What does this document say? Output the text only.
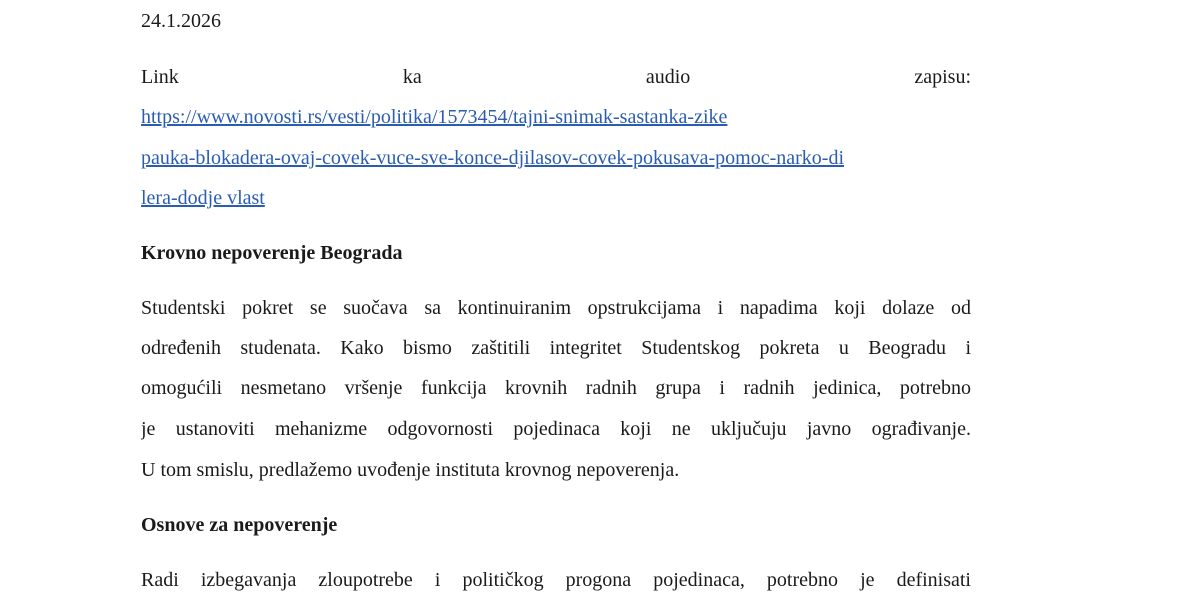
24.1.2026
Link ka audio zapisu:
https://www.novosti.rs/vesti/politika/1573454/tajni-snimak-sastanka-zike
pauka-blokadera-ovaj-covek-vuce-sve-konce-djilasov-covek-pokusava-pomoc-narko-di
lera-dodje vlast
Krovno nepoverenje Beograda
Studentski pokret se suočava sa kontinuiranim opstrukcijama i napadima koji dolaze od
određenih studenata. Kako bismo zaštitili integritet Studentskog pokreta u Beogradu i
omogućili nesmetano vršenje funkcija krovnih radnih grupa i radnih jedinica, potrebno
je ustanoviti mehanizme odgovornosti pojedinaca koji ne uključuju javno ograđivanje.
U tom smislu, predlažemo uvođenje instituta krovnog nepoverenja.
Osnove za nepoverenje
Radi izbegavanja zloupotrebe i političkog progona pojedinaca, potrebno je definisati
